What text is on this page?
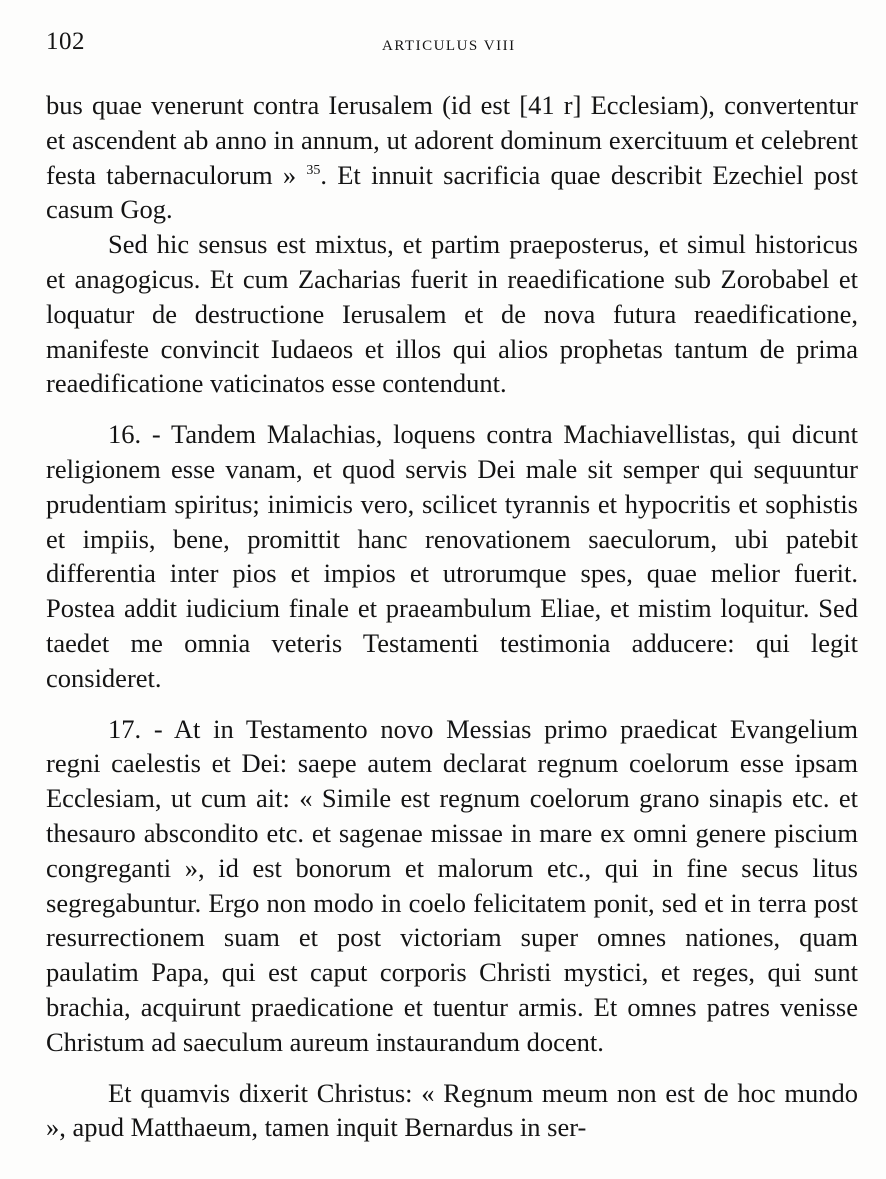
102	ARTICULUS VIII

bus quae venerunt contra Ierusalem (id est [41 r] Ecclesiam), convertentur et ascendent ab anno in annum, ut adorent dominum exercituum et celebrent festa tabernaculorum » $^{35}$. Et innuit sacrificia quae describit Ezechiel post casum Gog.

Sed hic sensus est mixtus, et partim praeposterus, et simul historicus et anagogicus. Et cum Zacharias fuerit in reaedificatione sub Zorobabel et loquatur de destructione Ierusalem et de nova futura reaedificatione, manifeste convincit Iudaeos et illos qui alios prophetas tantum de prima reaedificatione vaticinatos esse contendunt.

16. - Tandem Malachias, loquens contra Machiavellistas, qui dicunt religionem esse vanam, et quod servis Dei male sit semper qui sequuntur prudentiam spiritus; inimicis vero, scilicet tyrannis et hypocritis et sophistis et impiis, bene, promittit hanc renovationem saeculorum, ubi patebit differentia inter pios et impios et utrorumque spes, quae melior fuerit. Postea addit iudicium finale et praeambulum Eliae, et mistim loquitur. Sed taedet me omnia veteris Testamenti testimonia adducere: qui legit consideret.

17. - At in Testamento novo Messias primo praedicat Evangelium regni caelestis et Dei: saepe autem declarat regnum coelorum esse ipsam Ecclesiam, ut cum ait: « Simile est regnum coelorum grano sinapis etc. et thesauro abscondito etc. et sagenae missae in mare ex omni genere piscium congreganti », id est bonorum et malorum etc., qui in fine secus litus segregabuntur. Ergo non modo in coelo felicitatem ponit, sed et in terra post resurrectionem suam et post victoriam super omnes nationes, quam paulatim Papa, qui est caput corporis Christi mystici, et reges, qui sunt brachia, acquirunt praedicatione et tuentur armis. Et omnes patres venisse Christum ad saeculum aureum instaurandum docent.

Et quamvis dixerit Christus: « Regnum meum non est de hoc mundo », apud Matthaeum, tamen inquit Bernardus in ser-
